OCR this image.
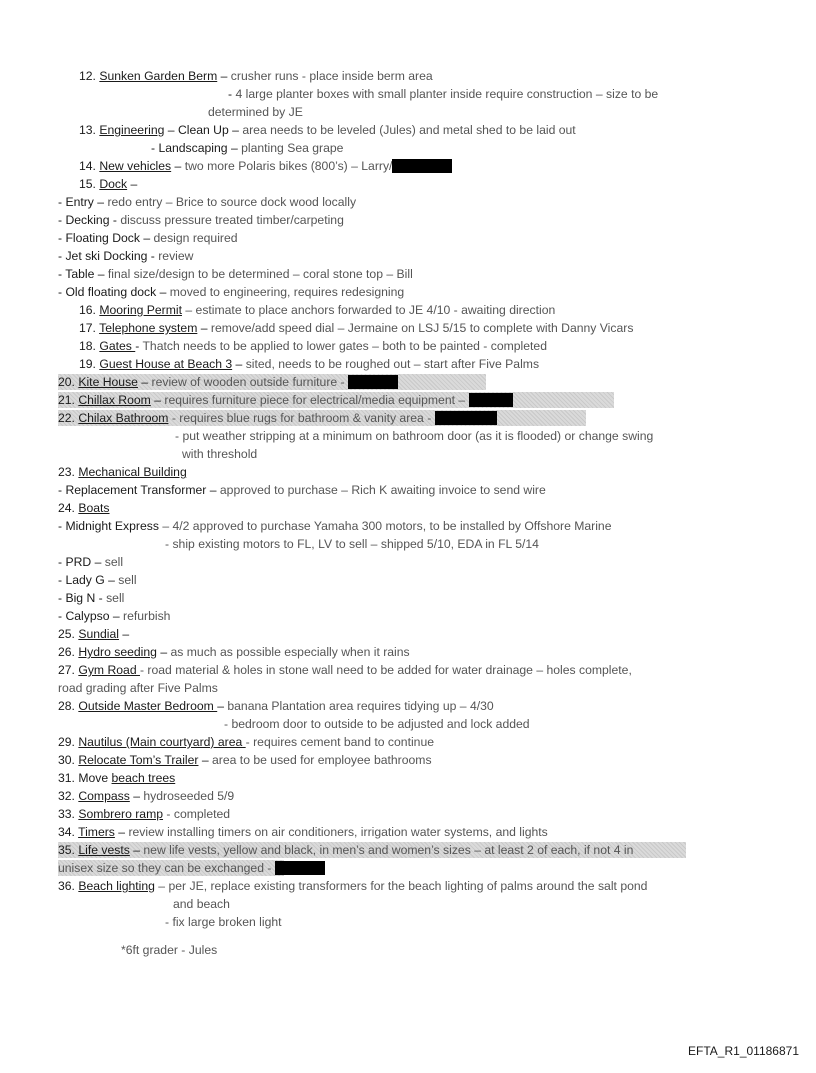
12. Sunken Garden Berm – crusher runs - place inside berm area
- 4 large planter boxes with small planter inside require construction – size to be
determined by JE
13. Engineering – Clean Up – area needs to be leveled (Jules) and metal shed to be laid out
- Landscaping – planting Sea grape
14. New vehicles – two more Polaris bikes (800’s) – Larry/
15. Dock –
- Entry – redo entry – Brice to source dock wood locally
- Decking - discuss pressure treated timber/carpeting
- Floating Dock – design required
- Jet ski Docking - review
- Table – final size/design to be determined – coral stone top – Bill
- Old floating dock – moved to engineering, requires redesigning
16. Mooring Permit – estimate to place anchors forwarded to JE 4/10 - awaiting direction
17. Telephone system – remove/add speed dial – Jermaine on LSJ 5/15 to complete with Danny Vicars
18. Gates - Thatch needs to be applied to lower gates – both to be painted - completed
19. Guest House at Beach 3 – sited, needs to be roughed out – start after Five Palms
20. Kite House – review of wooden outside furniture -
21. Chillax Room – requires furniture piece for electrical/media equipment –
22. Chilax Bathroom - requires blue rugs for bathroom & vanity area -
- put weather stripping at a minimum on bathroom door (as it is flooded) or change swing
with threshold
23. Mechanical Building
- Replacement Transformer – approved to purchase – Rich K awaiting invoice to send wire
24. Boats
- Midnight Express – 4/2 approved to purchase Yamaha 300 motors, to be installed by Offshore Marine
- ship existing motors to FL, LV to sell – shipped 5/10, EDA in FL 5/14
- PRD – sell
- Lady G – sell
- Big N - sell
- Calypso – refurbish
25. Sundial –
26. Hydro seeding – as much as possible especially when it rains
27. Gym Road - road material & holes in stone wall need to be added for water drainage – holes complete,
road grading after Five Palms
28. Outside Master Bedroom – banana Plantation area requires tidying up – 4/30
- bedroom door to outside to be adjusted and lock added
29. Nautilus (Main courtyard) area - requires cement band to continue
30. Relocate Tom’s Trailer – area to be used for employee bathrooms
31. Move beach trees
32. Compass – hydroseeded 5/9
33. Sombrero ramp - completed
34. Timers – review installing timers on air conditioners, irrigation water systems, and lights
35. Life vests – new life vests, yellow and black, in men’s and women’s sizes – at least 2 of each, if not 4 in
unisex size so they can be exchanged -
36. Beach lighting – per JE, replace existing transformers for the beach lighting of palms around the salt pond
and beach
- fix large broken light
*6ft grader - Jules
EFTA_R1_01186871
